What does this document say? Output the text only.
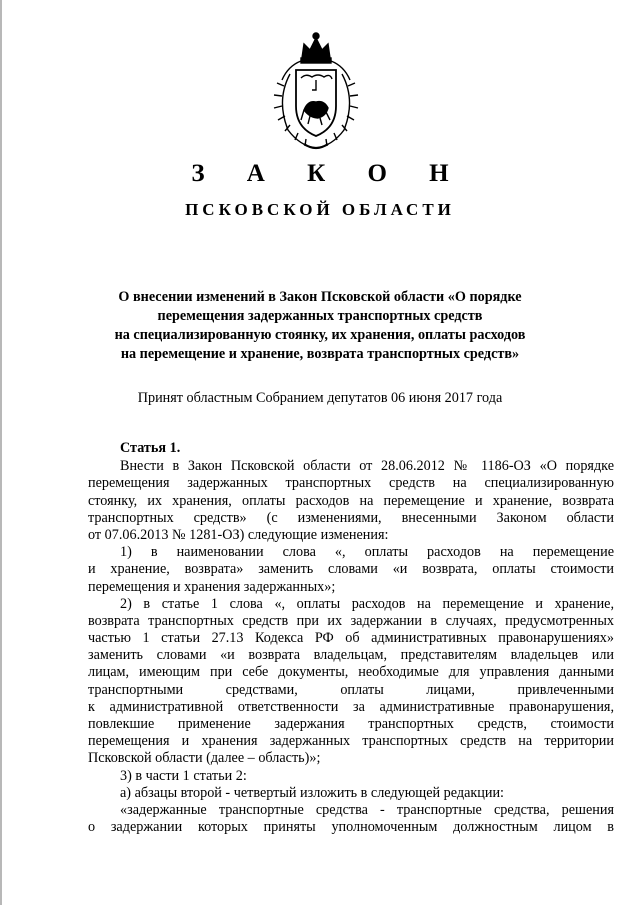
З А К О Н
ПСКОВСКОЙ ОБЛАСТИ
О внесении изменений в Закон Псковской области «О порядке
перемещения задержанных транспортных средств
на специализированную стоянку, их хранения, оплаты расходов
на перемещение и хранение, возврата транспортных средств»
Принят областным Собранием депутатов 06 июня 2017 года
Статья 1.
Внести в Закон Псковской области от 28.06.2012 № 1186-ОЗ «О порядке
перемещения задержанных транспортных средств на специализированную
стоянку, их хранения, оплаты расходов на перемещение и хранение, возврата
транспортных средств» (с изменениями, внесенными Законом области
от 07.06.2013 № 1281-ОЗ) следующие изменения:
1) в наименовании слова «, оплаты расходов на перемещение
и хранение, возврата» заменить словами «и возврата, оплаты стоимости
перемещения и хранения задержанных»;
2) в статье 1 слова «, оплаты расходов на перемещение и хранение,
возврата транспортных средств при их задержании в случаях, предусмотренных
частью 1 статьи 27.13 Кодекса РФ об административных правонарушениях»
заменить словами «и возврата владельцам, представителям владельцев или
лицам, имеющим при себе документы, необходимые для управления данными
транспортными средствами, оплаты лицами, привлеченными
к административной ответственности за административные правонарушения,
повлекшие применение задержания транспортных средств, стоимости
перемещения и хранения задержанных транспортных средств на территории
Псковской области (далее – область)»;
3) в части 1 статьи 2:
а) абзацы второй - четвертый изложить в следующей редакции:
«задержанные транспортные средства - транспортные средства, решения
о задержании которых приняты уполномоченным должностным лицом в
